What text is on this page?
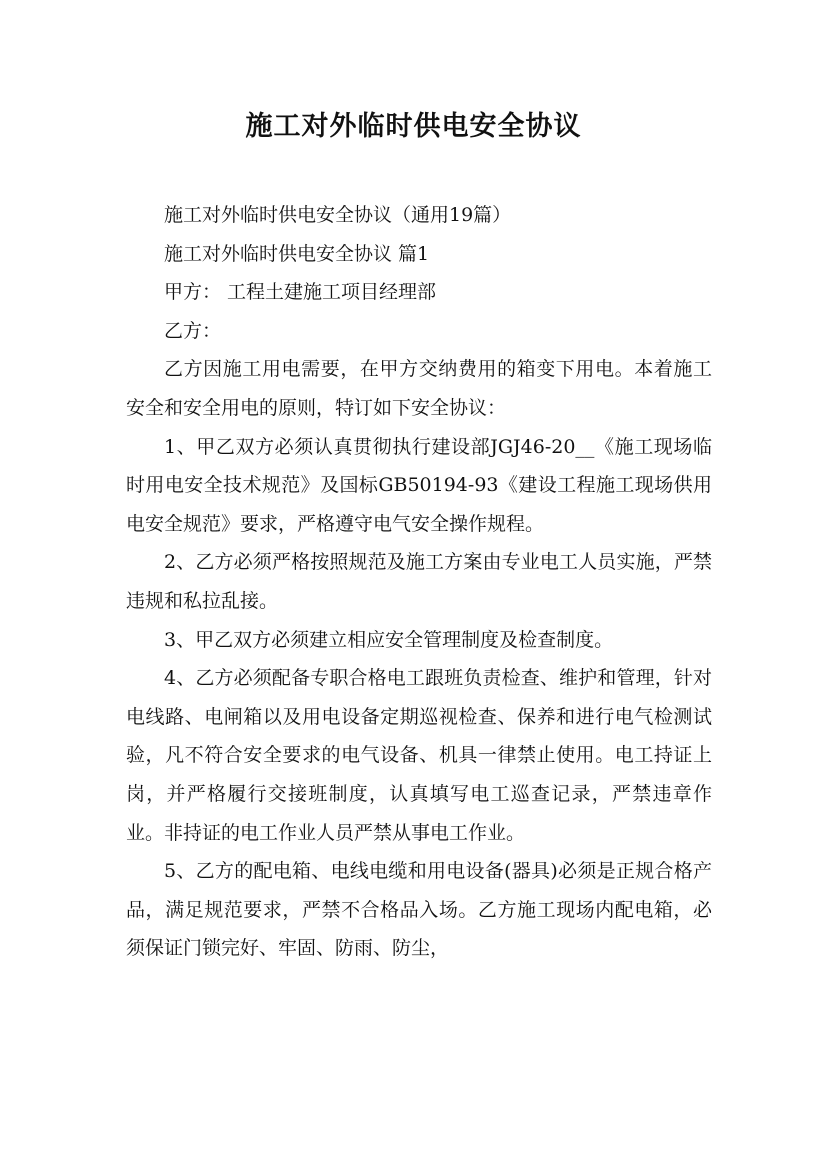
施工对外临时供电安全协议

施工对外临时供电安全协议（通用19篇）

施工对外临时供电安全协议 篇1

甲方： 工程土建施工项目经理部

乙方：

乙方因施工用电需要，在甲方交纳费用的箱变下用电。本着施工安全和安全用电的原则，特订如下安全协议：

1、甲乙双方必须认真贯彻执行建设部JGJ46-20__《施工现场临时用电安全技术规范》及国标GB50194-93《建设工程施工现场供用电安全规范》要求，严格遵守电气安全操作规程。

2、乙方必须严格按照规范及施工方案由专业电工人员实施，严禁违规和私拉乱接。

3、甲乙双方必须建立相应安全管理制度及检查制度。

4、乙方必须配备专职合格电工跟班负责检查、维护和管理，针对电线路、电闸箱以及用电设备定期巡视检查、保养和进行电气检测试验，凡不符合安全要求的电气设备、机具一律禁止使用。电工持证上岗，并严格履行交接班制度，认真填写电工巡查记录，严禁违章作业。非持证的电工作业人员严禁从事电工作业。

5、乙方的配电箱、电线电缆和用电设备(器具)必须是正规合格产品，满足规范要求，严禁不合格品入场。乙方施工现场内配电箱，必须保证门锁完好、牢固、防雨、防尘，
